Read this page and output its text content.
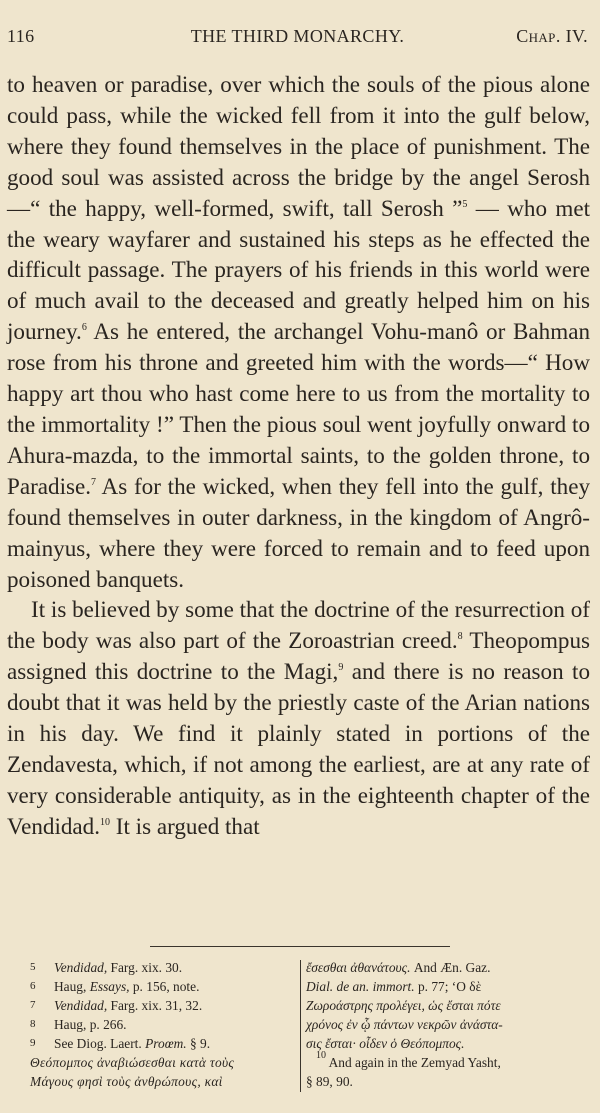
116	THE THIRD MONARCHY.	Chap. IV.

to heaven or paradise, over which the souls of the pious alone could pass, while the wicked fell from it into the gulf below, where they found themselves in the place of punishment. The good soul was assisted across the bridge by the angel Serosh—“ the happy, well-formed, swift, tall Serosh ”$^5$ — who met the weary wayfarer and sustained his steps as he effected the difficult passage. The prayers of his friends in this world were of much avail to the deceased and greatly helped him on his journey.$^6$ As he entered, the archangel Vohu-manô or Bahman rose from his throne and greeted him with the words—“ How happy art thou who hast come here to us from the mortality to the immortality !” Then the pious soul went joyfully onward to Ahura-mazda, to the immortal saints, to the golden throne, to Paradise.$^7$ As for the wicked, when they fell into the gulf, they found themselves in outer darkness, in the kingdom of Angrô-mainyus, where they were forced to remain and to feed upon poisoned banquets.

It is believed by some that the doctrine of the resurrection of the body was also part of the Zoroastrian creed.$^8$ Theopompus assigned this doctrine to the Magi,$^9$ and there is no reason to doubt that it was held by the priestly caste of the Arian nations in his day. We find it plainly stated in portions of the Zendavesta, which, if not among the earliest, are at any rate of very considerable antiquity, as in the eighteenth chapter of the Vendidad.$^{10}$ It is argued that

5 Vendidad, Farg. xix. 30.
6 Haug, Essays, p. 156, note.
7 Vendidad, Farg. xix. 31, 32.
8 Haug, p. 266.
9 See Diog. Laert. Proœm. § 9.
Θεόπομπος ἀναβιώσεσθαι κατὰ τοὺς
Μάγους φησὶ τοὺς ἀνθρώπους, καὶ
ἔσεσθαι ἀθανάτους. And Æn. Gaz.
Dial. de an. immort. p. 77; ‘Ο δὲ
Ζωροάστρης προλέγει, ὡς ἔσται πότε
χρόνος ἐν ᾧ πάντων νεκρῶν ἀνάστα-
σις ἔσται· οἶδεν ὁ Θεόπομπος.
$^{10}$ And again in the Zemyad Yasht,
§ 89, 90.
